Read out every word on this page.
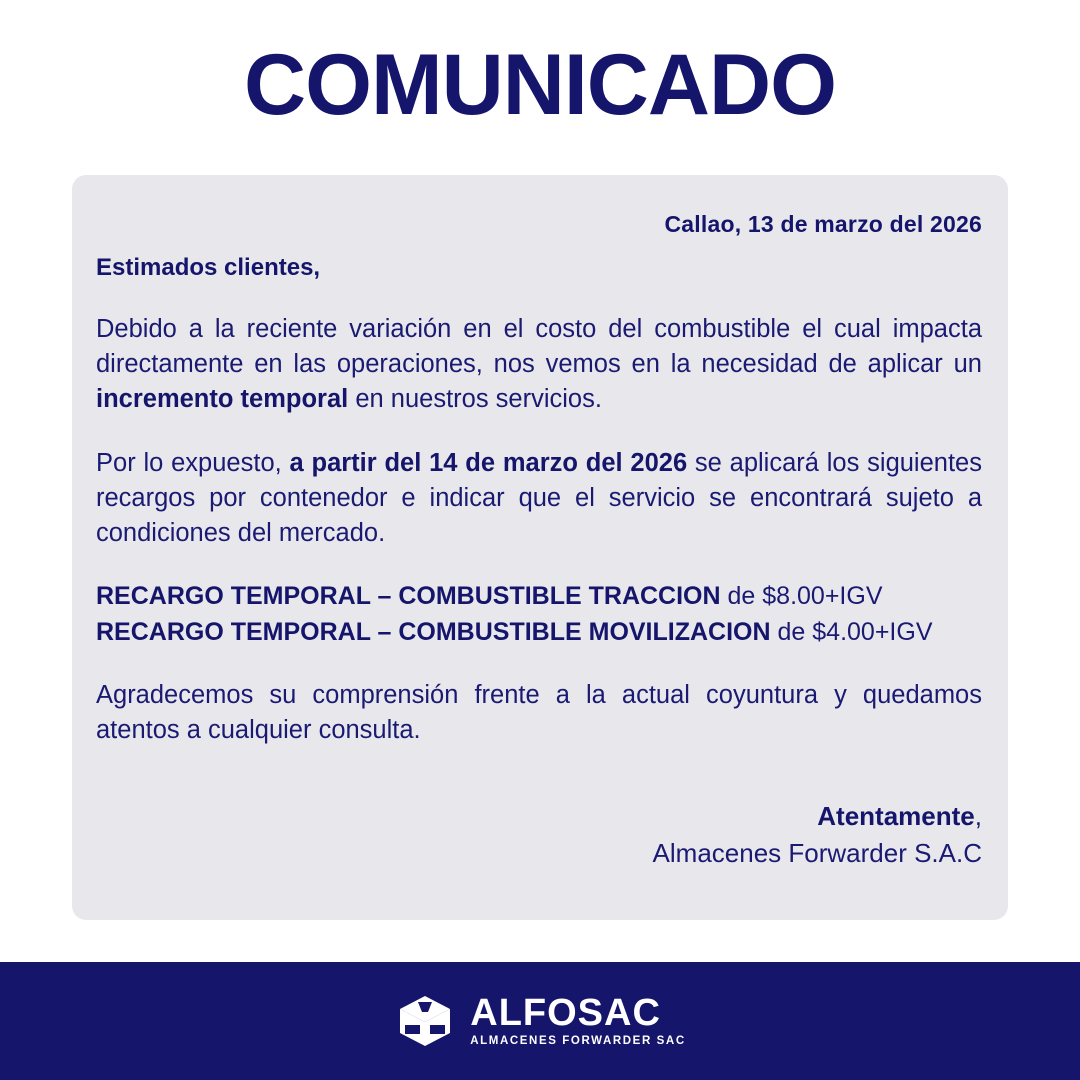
COMUNICADO
Callao, 13 de marzo del 2026
Estimados clientes,
Debido a la reciente variación en el costo del combustible el cual impacta directamente en las operaciones, nos vemos en la necesidad de aplicar un incremento temporal en nuestros servicios.
Por lo expuesto, a partir del 14 de marzo del 2026 se aplicará los siguientes recargos por contenedor e indicar que el servicio se encontrará sujeto a condiciones del mercado.
RECARGO TEMPORAL – COMBUSTIBLE TRACCION de $8.00+IGV
RECARGO TEMPORAL – COMBUSTIBLE MOVILIZACION de $4.00+IGV
Agradecemos su comprensión frente a la actual coyuntura y quedamos atentos a cualquier consulta.
Atentamente,
Almacenes Forwarder S.A.C
ALFOSAC
ALMACENES FORWARDER SAC
